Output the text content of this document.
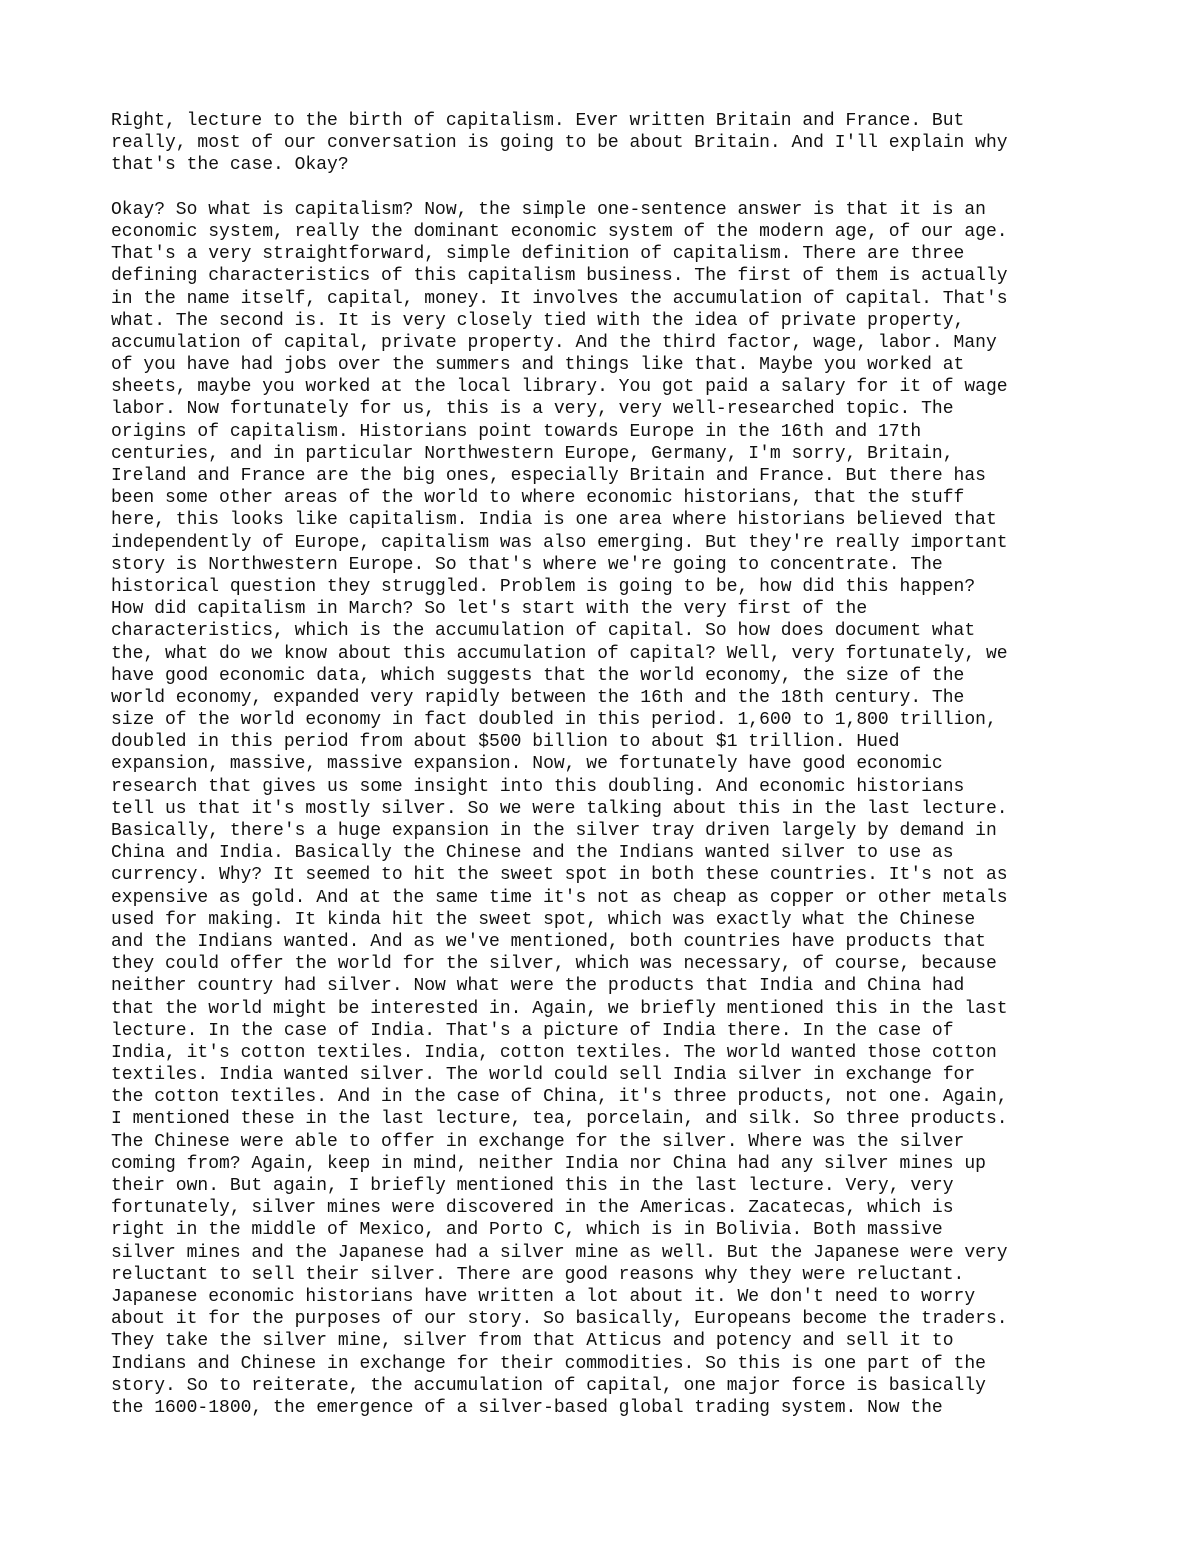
Right, lecture to the birth of capitalism. Ever written Britain and France. But
really, most of our conversation is going to be about Britain. And I'll explain why
that's the case. Okay?
Okay? So what is capitalism? Now, the simple one-sentence answer is that it is an
economic system, really the dominant economic system of the modern age, of our age.
That's a very straightforward, simple definition of capitalism. There are three
defining characteristics of this capitalism business. The first of them is actually
in the name itself, capital, money. It involves the accumulation of capital. That's
what. The second is. It is very closely tied with the idea of private property,
accumulation of capital, private property. And the third factor, wage, labor. Many
of you have had jobs over the summers and things like that. Maybe you worked at
sheets, maybe you worked at the local library. You got paid a salary for it of wage
labor. Now fortunately for us, this is a very, very well-researched topic. The
origins of capitalism. Historians point towards Europe in the 16th and 17th
centuries, and in particular Northwestern Europe, Germany, I'm sorry, Britain,
Ireland and France are the big ones, especially Britain and France. But there has
been some other areas of the world to where economic historians, that the stuff
here, this looks like capitalism. India is one area where historians believed that
independently of Europe, capitalism was also emerging. But they're really important
story is Northwestern Europe. So that's where we're going to concentrate. The
historical question they struggled. Problem is going to be, how did this happen?
How did capitalism in March? So let's start with the very first of the
characteristics, which is the accumulation of capital. So how does document what
the, what do we know about this accumulation of capital? Well, very fortunately, we
have good economic data, which suggests that the world economy, the size of the
world economy, expanded very rapidly between the 16th and the 18th century. The
size of the world economy in fact doubled in this period. 1,600 to 1,800 trillion,
doubled in this period from about $500 billion to about $1 trillion. Hued
expansion, massive, massive expansion. Now, we fortunately have good economic
research that gives us some insight into this doubling. And economic historians
tell us that it's mostly silver. So we were talking about this in the last lecture.
Basically, there's a huge expansion in the silver tray driven largely by demand in
China and India. Basically the Chinese and the Indians wanted silver to use as
currency. Why? It seemed to hit the sweet spot in both these countries. It's not as
expensive as gold. And at the same time it's not as cheap as copper or other metals
used for making. It kinda hit the sweet spot, which was exactly what the Chinese
and the Indians wanted. And as we've mentioned, both countries have products that
they could offer the world for the silver, which was necessary, of course, because
neither country had silver. Now what were the products that India and China had
that the world might be interested in. Again, we briefly mentioned this in the last
lecture. In the case of India. That's a picture of India there. In the case of
India, it's cotton textiles. India, cotton textiles. The world wanted those cotton
textiles. India wanted silver. The world could sell India silver in exchange for
the cotton textiles. And in the case of China, it's three products, not one. Again,
I mentioned these in the last lecture, tea, porcelain, and silk. So three products.
The Chinese were able to offer in exchange for the silver. Where was the silver
coming from? Again, keep in mind, neither India nor China had any silver mines up
their own. But again, I briefly mentioned this in the last lecture. Very, very
fortunately, silver mines were discovered in the Americas. Zacatecas, which is
right in the middle of Mexico, and Porto C, which is in Bolivia. Both massive
silver mines and the Japanese had a silver mine as well. But the Japanese were very
reluctant to sell their silver. There are good reasons why they were reluctant.
Japanese economic historians have written a lot about it. We don't need to worry
about it for the purposes of our story. So basically, Europeans become the traders.
They take the silver mine, silver from that Atticus and potency and sell it to
Indians and Chinese in exchange for their commodities. So this is one part of the
story. So to reiterate, the accumulation of capital, one major force is basically
the 1600-1800, the emergence of a silver-based global trading system. Now the
